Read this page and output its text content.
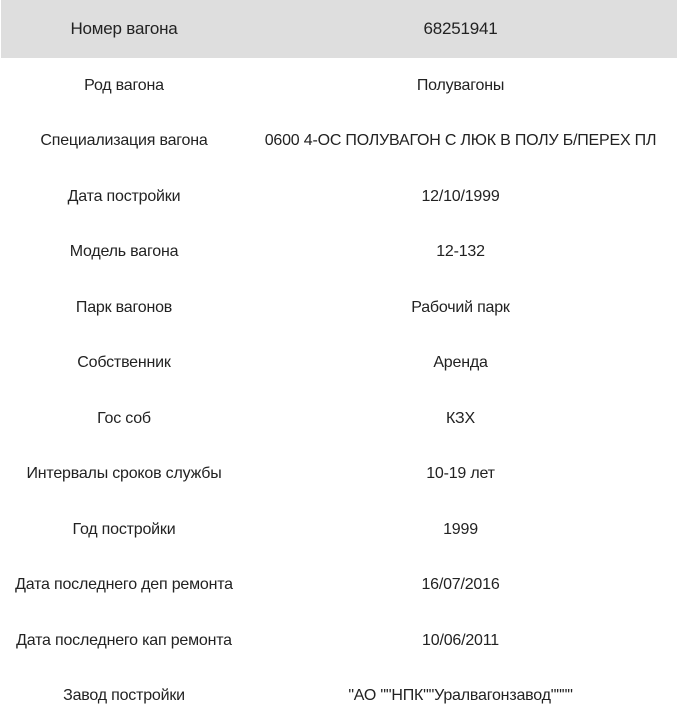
Номер вагона	68251941
Род вагона	Полувагоны
Специализация вагона	0600 4-ОС ПОЛУВАГОН С ЛЮК В ПОЛУ Б/ПЕРЕХ ПЛ
Дата постройки	12/10/1999
Модель вагона	12-132
Парк вагонов	Рабочий парк
Собственник	Аренда
Гос соб	КЗХ
Интервалы сроков службы	10-19 лет
Год постройки	1999
Дата последнего деп ремонта	16/07/2016
Дата последнего кап ремонта	10/06/2011
Завод постройки	"АО ""НПК""Уралвагонзавод""""
